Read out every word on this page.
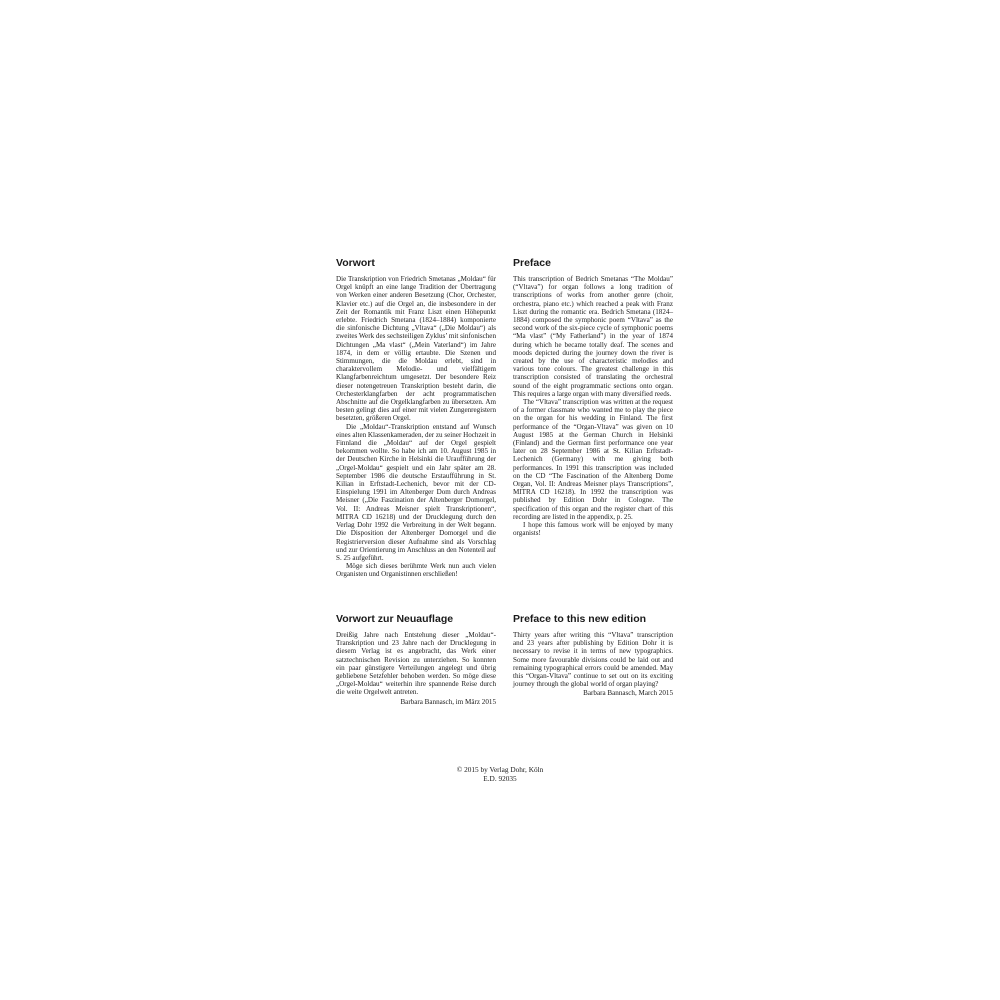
Vorwort

Die Transkription von Friedrich Smetanas „Moldau“ für Orgel knüpft an eine lange Tradition der Übertragung von Werken einer anderen Besetzung (Chor, Orchester, Klavier etc.) auf die Orgel an, die insbesondere in der Zeit der Romantik mit Franz Liszt einen Höhepunkt erlebte. Friedrich Smetana (1824–1884) komponierte die sinfonische Dichtung „Vltava“ („Die Moldau“) als zweites Werk des sechsteiligen Zyklus’ mit sinfonischen Dichtungen „Ma vlast“ („Mein Vaterland“) im Jahre 1874, in dem er völlig ertaubte. Die Szenen und Stimmungen, die die Moldau erlebt, sind in charaktervollem Melodie- und vielfältigem Klangfarbenreichtum umgesetzt. Der besondere Reiz dieser notengetreuen Transkription besteht darin, die Orchesterklangfarben der acht programmatischen Abschnitte auf die Orgelklangfarben zu übersetzen. Am besten gelingt dies auf einer mit vielen Zungenregistern besetzten, größeren Orgel.

Die „Moldau“-Transkription entstand auf Wunsch eines alten Klassenkameraden, der zu seiner Hochzeit in Finnland die „Moldau“ auf der Orgel gespielt bekommen wollte. So habe ich am 10. August 1985 in der Deutschen Kirche in Helsinki die Uraufführung der „Orgel-Moldau“ gespielt und ein Jahr später am 28. September 1986 die deutsche Erstaufführung in St. Kilian in Erftstadt-Lechenich, bevor mit der CD-Einspielung 1991 im Altenberger Dom durch Andreas Meisner („Die Faszination der Altenberger Domorgel, Vol. II: Andreas Meisner spielt Transkriptionen“, MITRA CD 16218) und der Drucklegung durch den Verlag Dohr 1992 die Verbreitung in der Welt begann. Die Disposition der Altenberger Domorgel und die Registrierversion dieser Aufnahme sind als Vorschlag und zur Orientierung im Anschluss an den Notenteil auf S. 25 aufgeführt.

Möge sich dieses berühmte Werk nun auch vielen Organisten und Organistinnen erschließen!

Preface

This transcription of Bedrich Smetanas “The Moldau” (“Vltava”) for organ follows a long tradition of transcriptions of works from another genre (choir, orchestra, piano etc.) which reached a peak with Franz Liszt during the romantic era. Bedrich Smetana (1824–1884) composed the symphonic poem “Vltava” as the second work of the six-piece cycle of symphonic poems “Ma vlast” (“My Fatherland”) in the year of 1874 during which he became totally deaf. The scenes and moods depicted during the journey down the river is created by the use of characteristic melodies and various tone colours. The greatest challenge in this transcription consisted of translating the orchestral sound of the eight programmatic sections onto organ. This requires a large organ with many diversified reeds.

The “Vltava” transcription was written at the request of a former classmate who wanted me to play the piece on the organ for his wedding in Finland. The first performance of the “Organ-Vltava” was given on 10 August 1985 at the German Church in Helsinki (Finland) and the German first performance one year later on 28 September 1986 at St. Kilian Erftstadt-Lechenich (Germany) with me giving both performances. In 1991 this transcription was included on the CD “The Fascination of the Altenberg Dome Organ, Vol. II: Andreas Meisner plays Transcriptions”, MITRA CD 16218). In 1992 the transcription was published by Edition Dohr in Cologne. The specification of this organ and the register chart of this recording are listed in the appendix, p. 25.

I hope this famous work will be enjoyed by many organists!

Vorwort zur Neuauflage

Dreißig Jahre nach Entstehung dieser „Moldau“-Transkription und 23 Jahre nach der Drucklegung in diesem Verlag ist es angebracht, das Werk einer satztechnischen Revision zu unterziehen. So konnten ein paar günstigere Verteilungen angelegt und übrig gebliebene Setzfehler behoben werden. So möge diese „Orgel-Moldau“ weiterhin ihre spannende Reise durch die weite Orgelwelt antreten.

Barbara Bannasch, im März 2015
Preface to this new edition

Thirty years after writing this “Vltava” transcription and 23 years after publishing by Edition Dohr it is necessary to revise it in terms of new typographics. Some more favourable divisions could be laid out and remaining typographical errors could be amended. May this “Organ-Vltava” continue to set out on its exciting journey through the global world of organ playing?

Barbara Bannasch, March 2015
© 2015 by Verlag Dohr, Köln
E.D. 92035
